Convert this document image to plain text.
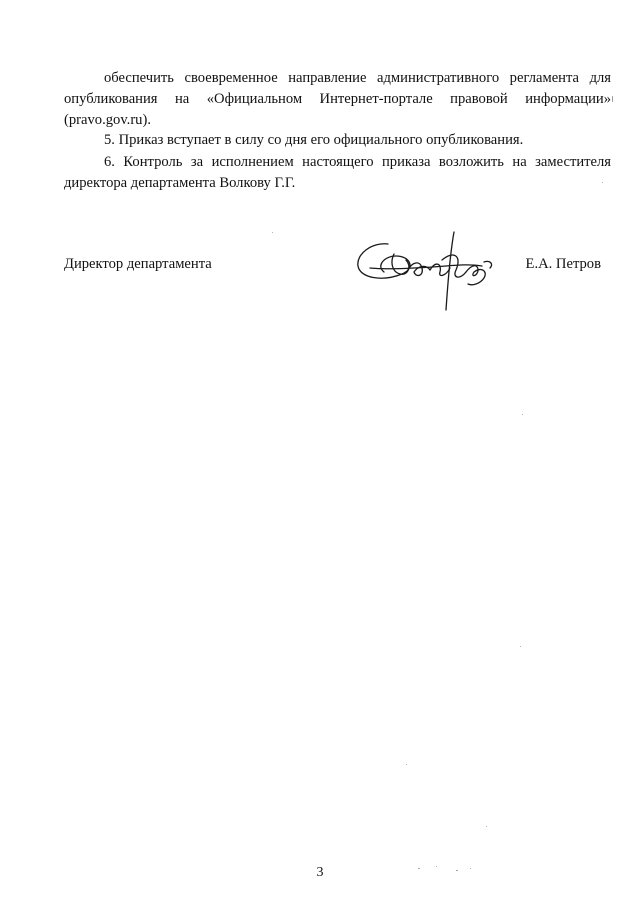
обеспечить своевременное направление административного регламента для опубликования на «Официальном Интернет-портале правовой информации» (pravo.gov.ru).

5. Приказ вступает в силу со дня его официального опубликования.

6. Контроль за исполнением настоящего приказа возложить на заместителя директора департамента Волкову Г.Г.

Директор департамента	Е.А. Петров
3
